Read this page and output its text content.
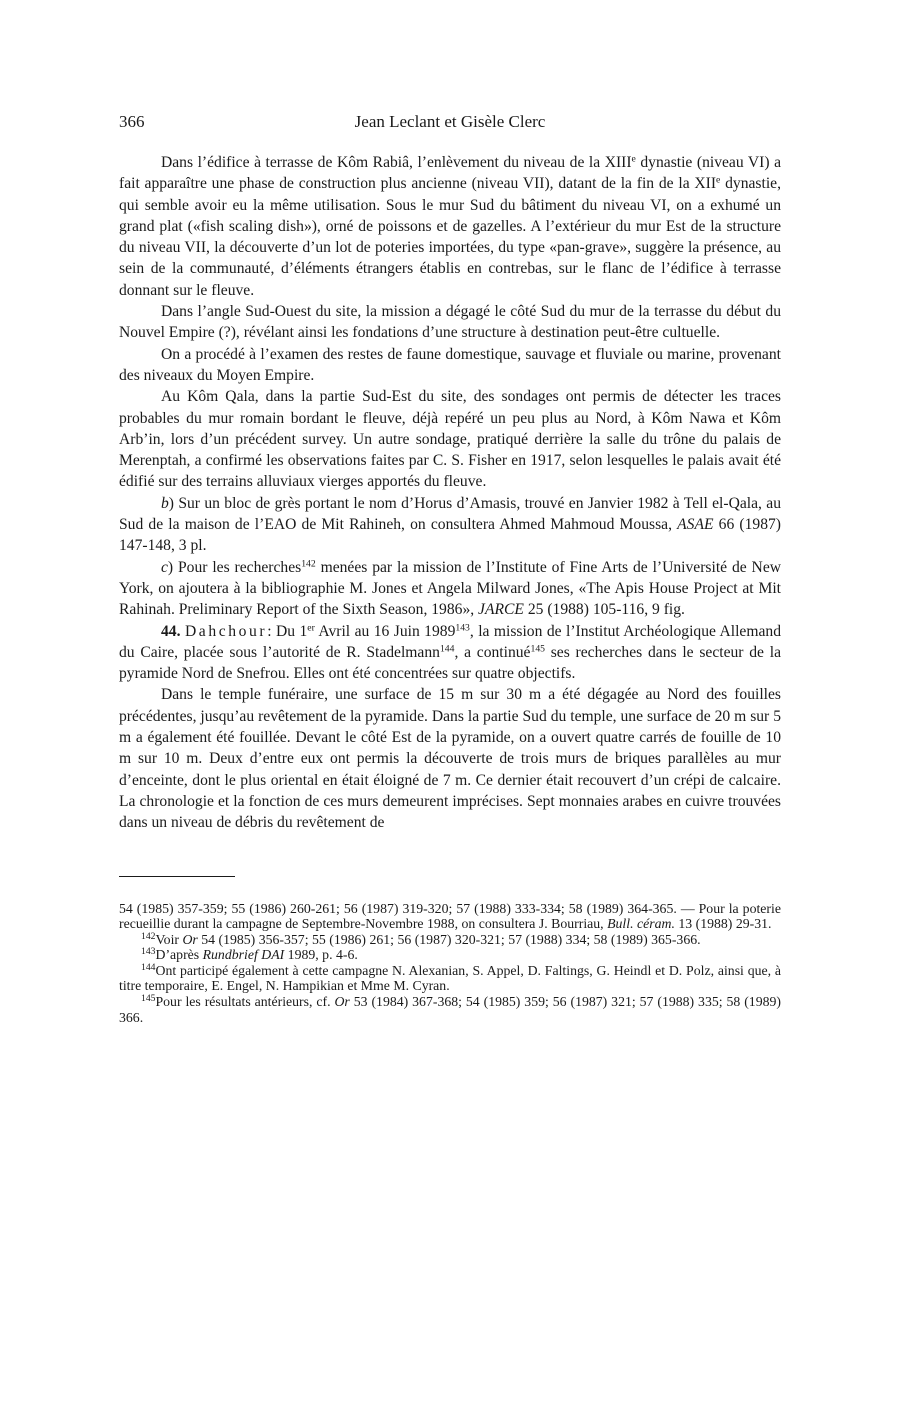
366	Jean Leclant et Gisèle Clerc

Dans l’édifice à terrasse de Kôm Rabiâ, l’enlèvement du niveau de la XIIIe dynastie (niveau VI) a fait apparaître une phase de construction plus ancienne (niveau VII), datant de la fin de la XIIe dynastie, qui semble avoir eu la même utilisation. Sous le mur Sud du bâtiment du niveau VI, on a exhumé un grand plat («fish scaling dish»), orné de poissons et de gazelles. A l’extérieur du mur Est de la structure du niveau VII, la découverte d’un lot de poteries importées, du type «pan-grave», suggère la présence, au sein de la communauté, d’éléments étrangers établis en contrebas, sur le flanc de l’édifice à terrasse donnant sur le fleuve.

Dans l’angle Sud-Ouest du site, la mission a dégagé le côté Sud du mur de la terrasse du début du Nouvel Empire (?), révélant ainsi les fondations d’une structure à destination peut-être cultuelle.

On a procédé à l’examen des restes de faune domestique, sauvage et fluviale ou marine, provenant des niveaux du Moyen Empire.

Au Kôm Qala, dans la partie Sud-Est du site, des sondages ont permis de détecter les traces probables du mur romain bordant le fleuve, déjà repéré un peu plus au Nord, à Kôm Nawa et Kôm Arb’in, lors d’un précédent survey. Un autre sondage, pratiqué derrière la salle du trône du palais de Merenptah, a confirmé les observations faites par C. S. Fisher en 1917, selon lesquelles le palais avait été édifié sur des terrains alluviaux vierges apportés du fleuve.

b) Sur un bloc de grès portant le nom d’Horus d’Amasis, trouvé en Janvier 1982 à Tell el-Qala, au Sud de la maison de l’EAO de Mit Rahineh, on consultera Ahmed Mahmoud Moussa, ASAE 66 (1987) 147-148, 3 pl.

c) Pour les recherches$^{142}$ menées par la mission de l’Institute of Fine Arts de l’Université de New York, on ajoutera à la bibliographie M. Jones et Angela Milward Jones, «The Apis House Project at Mit Rahinah. Preliminary Report of the Sixth Season, 1986», JARCE 25 (1988) 105-116, 9 fig.

44. Dahchour: Du 1er Avril au 16 Juin 1989$^{143}$, la mission de l’Institut Archéologique Allemand du Caire, placée sous l’autorité de R. Stadelmann$^{144}$, a continué$^{145}$ ses recherches dans le secteur de la pyramide Nord de Snefrou. Elles ont été concentrées sur quatre objectifs.

Dans le temple funéraire, une surface de 15 m sur 30 m a été dégagée au Nord des fouilles précédentes, jusqu’au revêtement de la pyramide. Dans la partie Sud du temple, une surface de 20 m sur 5 m a également été fouillée. Devant le côté Est de la pyramide, on a ouvert quatre carrés de fouille de 10 m sur 10 m. Deux d’entre eux ont permis la découverte de trois murs de briques parallèles au mur d’enceinte, dont le plus oriental en était éloigné de 7 m. Ce dernier était recouvert d’un crépi de calcaire. La chronologie et la fonction de ces murs demeurent imprécises. Sept monnaies arabes en cuivre trouvées dans un niveau de débris du revêtement de

54 (1985) 357-359; 55 (1986) 260-261; 56 (1987) 319-320; 57 (1988) 333-334; 58 (1989) 364-365. — Pour la poterie recueillie durant la campagne de Septembre-Novembre 1988, on consultera J. Bourriau, Bull. céram. 13 (1988) 29-31.

$^{142}$Voir Or 54 (1985) 356-357; 55 (1986) 261; 56 (1987) 320-321; 57 (1988) 334; 58 (1989) 365-366.

$^{143}$D’après Rundbrief DAI 1989, p. 4-6.

$^{144}$Ont participé également à cette campagne N. Alexanian, S. Appel, D. Faltings, G. Heindl et D. Polz, ainsi que, à titre temporaire, E. Engel, N. Hampikian et Mme M. Cyran.

$^{145}$Pour les résultats antérieurs, cf. Or 53 (1984) 367-368; 54 (1985) 359; 56 (1987) 321; 57 (1988) 335; 58 (1989) 366.
